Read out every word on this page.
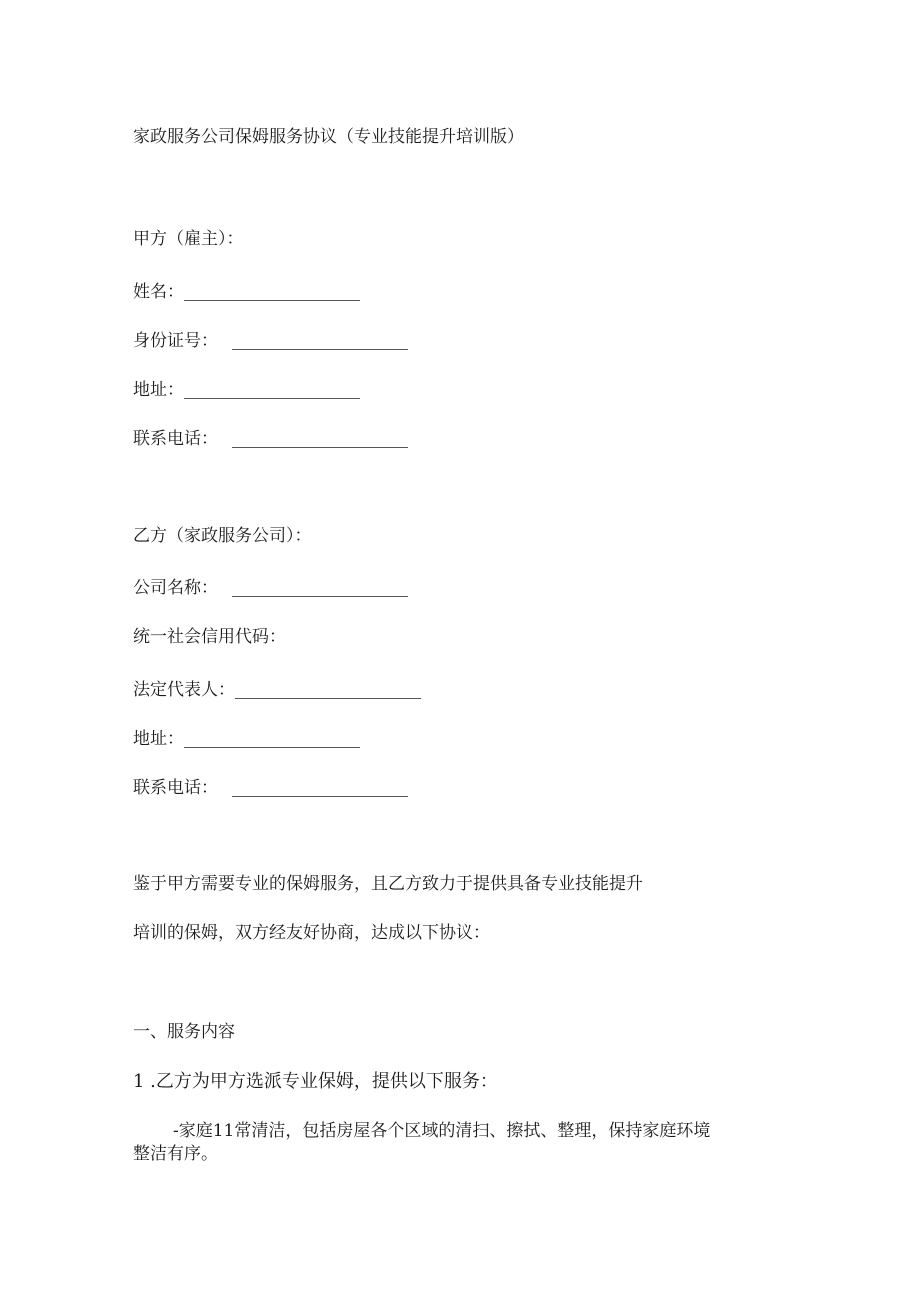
家政服务公司保姆服务协议（专业技能提升培训版）
甲方（雇主）：
姓名：
身份证号：
地址：
联系电话：
乙方（家政服务公司）：
公司名称：
统一社会信用代码：
法定代表人：
地址：
联系电话：
鉴于甲方需要专业的保姆服务，且乙方致力于提供具备专业技能提升
培训的保姆，双方经友好协商，达成以下协议：
一、服务内容
1 .乙方为甲方选派专业保姆，提供以下服务：
-家庭11常清洁，包括房屋各个区域的清扫、擦拭、整理，保持家庭环境
整洁有序。
